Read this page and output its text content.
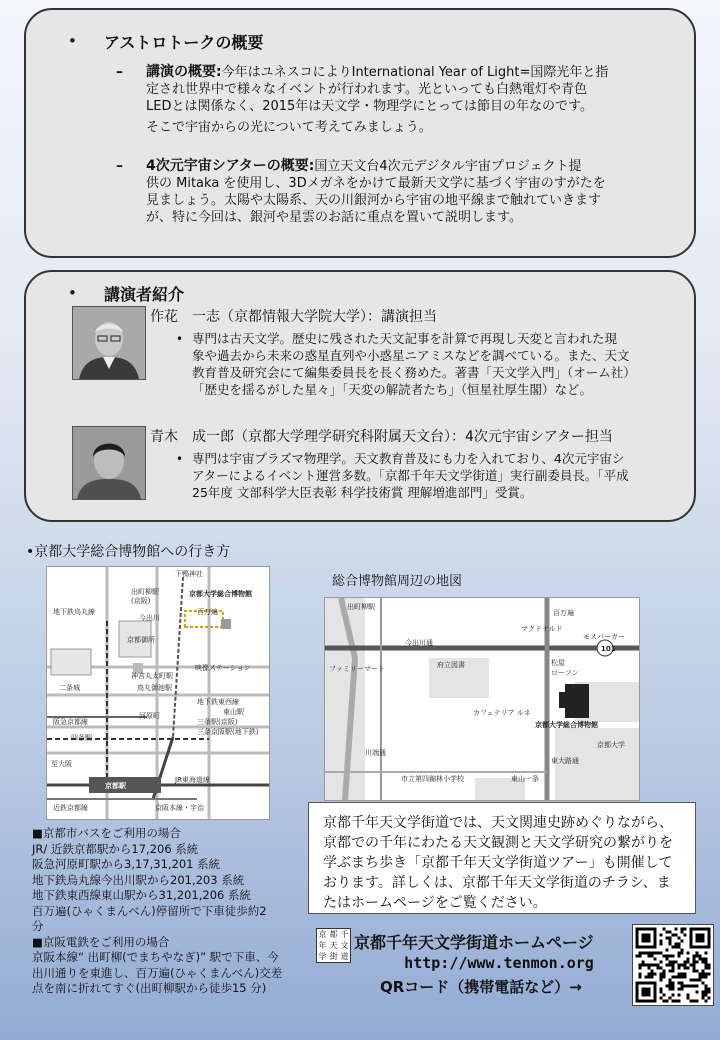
• アストロトークの概要
– 講演の概要:今年はユネスコによりInternational Year of Light=国際光年と指
定され世界中で様々なイベントが行われます。光といっても白熱電灯や青色
LEDとは関係なく、2015年は天文学・物理学にとっては節目の年なのです。
そこで宇宙からの光について考えてみましょう。
– 4次元宇宙シアターの概要:国立天文台4次元デジタル宇宙プロジェクト提
供の Mitaka を使用し、3Dメガネをかけて最新天文学に基づく宇宙のすがたを
見ましょう。太陽や太陽系、天の川銀河から宇宙の地平線まで触れていきます
が、特に今回は、銀河や星雲のお話に重点を置いて説明します。
• 講演者紹介
作花　一志（京都情報大学院大学）：講演担当
• 専門は古天文学。歴史に残された天文記事を計算で再現し天変と言われた現
象や過去から未来の惑星直列や小惑星ニアミスなどを調べている。また、天文
教育普及研究会にて編集委員長を長く務めた。著書「天文学入門」（オーム社）
「歴史を揺るがした星々」「天変の解読者たち」（恒星社厚生閣）など。
青木　成一郎（京都大学理学研究科附属天文台）：4次元宇宙シアター担当
• 専門は宇宙プラズマ物理学。天文教育普及にも力を入れており、4次元宇宙シ
アターによるイベント運営多数。「京都千年天文学街道」実行副委員長。「平成
25年度 文部科学大臣表彰 科学技術賞 理解増進部門」受賞。
•京都大学総合博物館への行き方
総合博物館周辺の地図
下鴨神社
出町柳駅
(京阪)
京都大学総合博物館
百万遍
地下鉄烏丸線
京都御所
今出川
映像ステーション
神宮丸太町駅
二条城	鳥丸御池駅
地下鉄東西線
東山駅
三条駅(京阪)
三条京阪駅(地下鉄)
阪急京都線
河原町
四条駅
至大阪
JR東海道線
京都駅
近鉄京都線	京阪本線・宇治
出町柳駅
百万遍
マクドナルド
モスバーガー
101
松屋
ローソン
今出川通
ファミリーマート	府立図書
カフェテリア ルネ
京都大学総合博物館
京都大学
東大路通
川端通
市立第四錦林小学校	東山一条
■京都市バスをご利用の場合
JR/ 近鉄京都駅から17,206 系統
阪急河原町駅から3,17,31,201 系統
地下鉄烏丸線今出川駅から201,203 系統
地下鉄東西線東山駅から31,201,206 系統
百万遍(ひゃくまんべん)停留所で下車徒歩約2
分
■京阪電鉄をご利用の場合
京阪本線“ 出町柳(でまちやなぎ)” 駅で下車、今
出川通りを東進し、百万遍(ひゃくまんべん)交差
点を南に折れてすぐ(出町柳駅から徒歩15 分)
京都千年天文学街道では、天文関連史跡めぐりながら、京都での千年にわたる天文観測と天文学研究の繋がりを学ぶまち歩き「京都千年天文学街道ツアー」も開催しております。詳しくは、京都千年天文学街道のチラシ、またはホームページをご覧ください。
京 都 千
年 天 文
学 街 道
京都千年天文学街道ホームページ
http://www.tenmon.org
QRコード（携帯電話など）→
